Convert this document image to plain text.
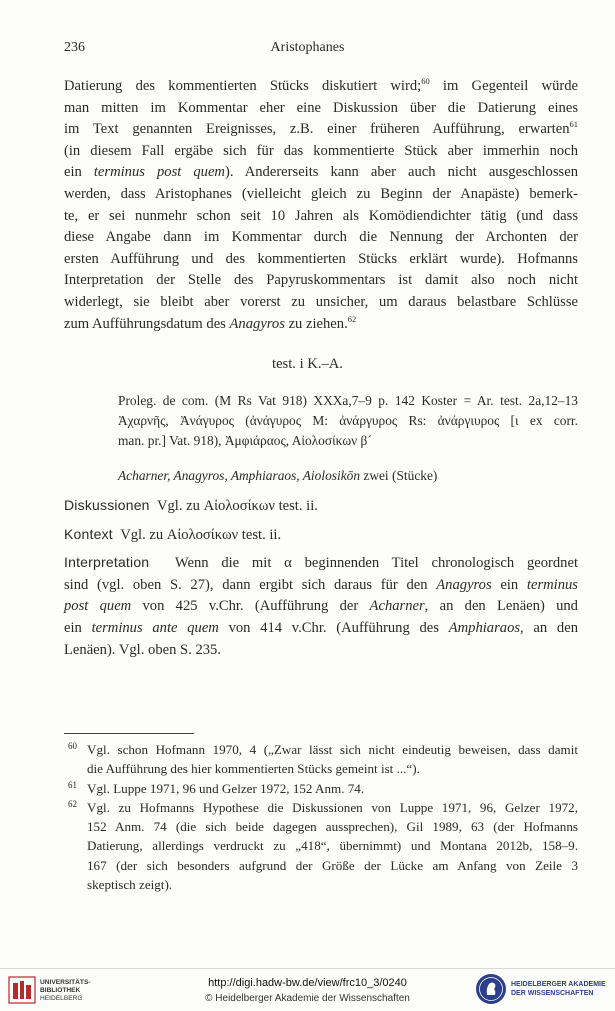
236	Aristophanes
Datierung des kommentierten Stücks diskutiert wird;$^{60}$ im Gegenteil würde
man mitten im Kommentar eher eine Diskussion über die Datierung eines
im Text genannten Ereignisses, z.B. einer früheren Aufführung, erwarten$^{61}$
(in diesem Fall ergäbe sich für das kommentierte Stück aber immerhin noch
ein terminus post quem). Andererseits kann aber auch nicht ausgeschlossen
werden, dass Aristophanes (vielleicht gleich zu Beginn der Anapäste) bemerk-
te, er sei nunmehr schon seit 10 Jahren als Komödiendichter tätig (und dass
diese Angabe dann im Kommentar durch die Nennung der Archonten der
ersten Aufführung und des kommentierten Stücks erklärt wurde). Hofmanns
Interpretation der Stelle des Papyruskommentars ist damit also noch nicht
widerlegt, sie bleibt aber vorerst zu unsicher, um daraus belastbare Schlüsse
zum Aufführungsdatum des Anagyros zu ziehen.$^{62}$
test. i K.–A.
Proleg. de com. (M Rs Vat 918) XXXa,7–9 p. 142 Koster = Ar. test. 2a,12–13
Ἀχαρνῆς, Ἀνάγυρος (ἀνάγυρος M: ἀνάργυρος Rs: ἀνάργιυρος [ι ex corr.
man. pr.] Vat. 918), Ἀμφιάραος, Αἰολοσίκων β´
Acharner, Anagyros, Amphiaraos, Aiolosikōn zwei (Stücke)
Diskussionen Vgl. zu Αἰολοσίκων test. ii.
Kontext Vgl. zu Αἰολοσίκων test. ii.
Interpretation Wenn die mit α beginnenden Titel chronologisch geordnet
sind (vgl. oben S. 27), dann ergibt sich daraus für den Anagyros ein terminus
post quem von 425 v.Chr. (Aufführung der Acharner, an den Lenäen) und
ein terminus ante quem von 414 v.Chr. (Aufführung des Amphiaraos, an den
Lenäen). Vgl. oben S. 235.
60 Vgl. schon Hofmann 1970, 4 („Zwar lässt sich nicht eindeutig beweisen, dass damit
die Aufführung des hier kommentierten Stücks gemeint ist ...“).
61 Vgl. Luppe 1971, 96 und Gelzer 1972, 152 Anm. 74.
62 Vgl. zu Hofmanns Hypothese die Diskussionen von Luppe 1971, 96, Gelzer 1972,
152 Anm. 74 (die sich beide dagegen aussprechen), Gil 1989, 63 (der Hofmanns
Datierung, allerdings verdruckt zu „418“, übernimmt) und Montana 2012b, 158–9.
167 (der sich besonders aufgrund der Größe der Lücke am Anfang von Zeile 3
skeptisch zeigt).
UNIVERSITÄTS-
BIBLIOTHEK
HEIDELBERG
http://digi.hadw-bw.de/view/frc10_3/0240
© Heidelberger Akademie der Wissenschaften
HEIDELBERGER AKADEMIE
DER WISSENSCHAFTEN
